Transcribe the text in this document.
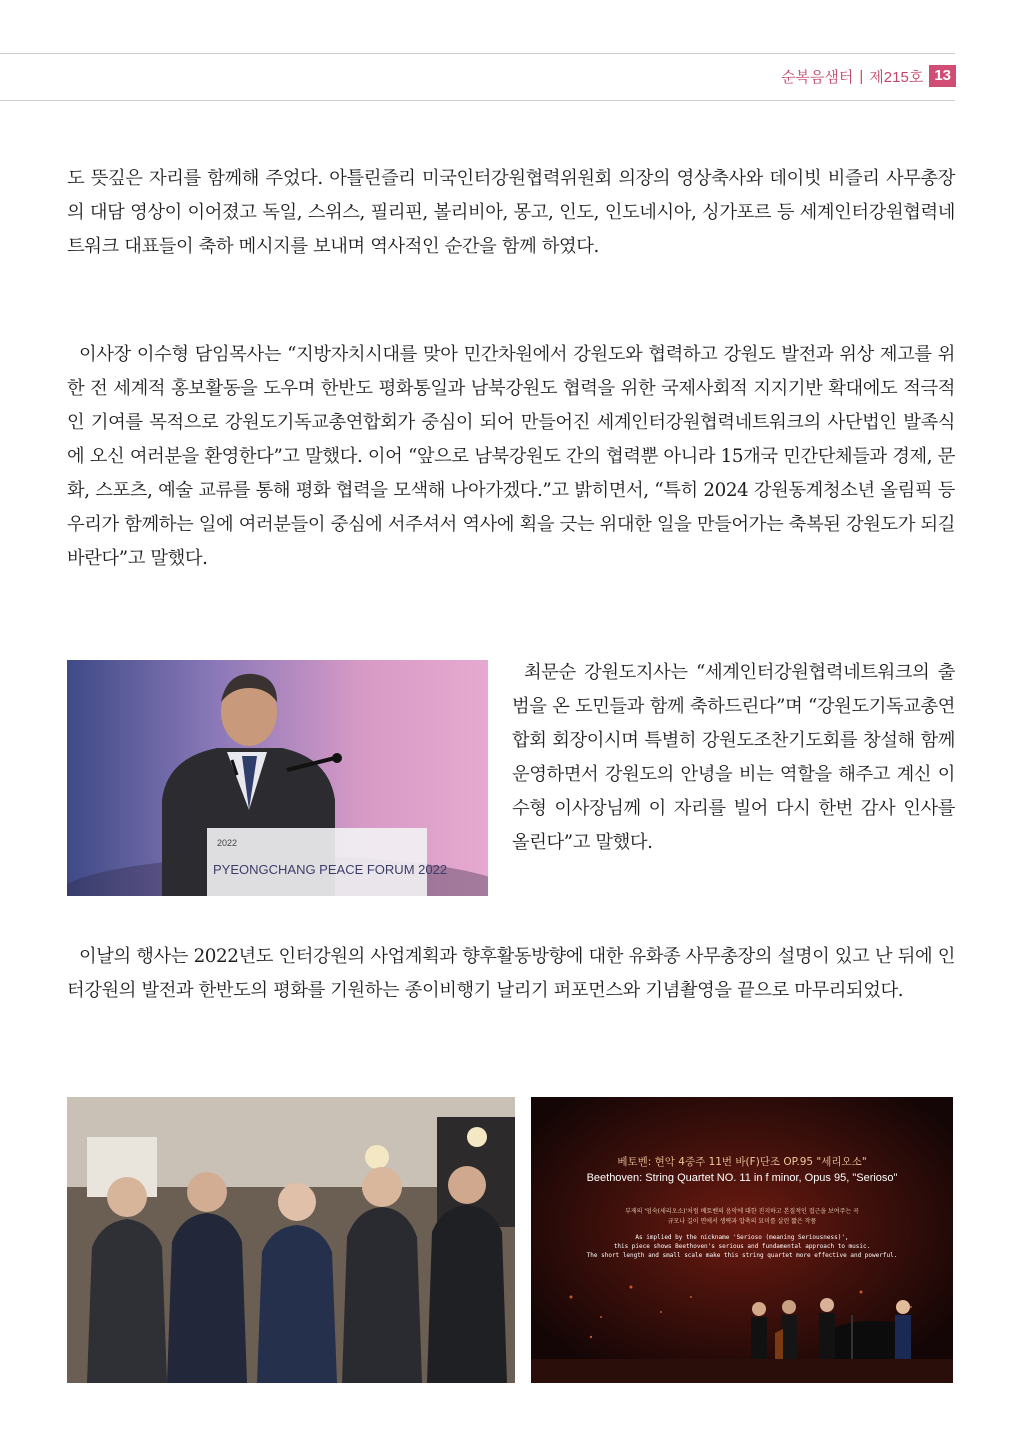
순복음샘터 | 제215호 13

도 뜻깊은 자리를 함께해 주었다. 아틀린즐리 미국인터강원협력위원회 의장의 영상축사와 데이빗 비즐리 사무총장의 대담 영상이 이어졌고 독일, 스위스, 필리핀, 볼리비아, 몽고, 인도, 인도네시아, 싱가포르 등 세계인터강원협력네트워크 대표들이 축하 메시지를 보내며 역사적인 순간을 함께 하였다.

이사장 이수형 담임목사는 “지방자치시대를 맞아 민간차원에서 강원도와 협력하고 강원도 발전과 위상 제고를 위한 전 세계적 홍보활동을 도우며 한반도 평화통일과 남북강원도 협력을 위한 국제사회적 지지기반 확대에도 적극적인 기여를 목적으로 강원도기독교총연합회가 중심이 되어 만들어진 세계인터강원협력네트워크의 사단법인 발족식에 오신 여러분을 환영한다”고 말했다. 이어 “앞으로 남북강원도 간의 협력뿐 아니라 15개국 민간단체들과 경제, 문화, 스포츠, 예술 교류를 통해 평화 협력을 모색해 나아가겠다.”고 밝히면서, “특히 2024 강원동계청소년 올림픽 등 우리가 함께하는 일에 여러분들이 중심에 서주셔서 역사에 획을 긋는 위대한 일을 만들어가는 축복된 강원도가 되길 바란다”고 말했다.

2022
PYEONGCHANG PEACE FORUM 2022

최문순 강원도지사는 “세계인터강원협력네트워크의 출범을 온 도민들과 함께 축하드린다”며 “강원도기독교총연합회 회장이시며 특별히 강원도조찬기도회를 창설해 함께 운영하면서 강원도의 안녕을 비는 역할을 해주고 계신 이수형 이사장님께 이 자리를 빌어 다시 한번 감사 인사를 올린다”고 말했다.

이날의 행사는 2022년도 인터강원의 사업계획과 향후활동방향에 대한 유화종 사무총장의 설명이 있고 난 뒤에 인터강원의 발전과 한반도의 평화를 기원하는 종이비행기 날리기 퍼포먼스와 기념촬영을 끝으로 마무리되었다.

베토벤: 현악 4중주 11번 바(F)단조 OP.95 "세리오소"
Beethoven: String Quartet NO. 11 in f minor, Opus 95, "Serioso"
부제의 '엄숙(세리오소)'처럼 베토벤의 음악에 대한 진지하고 본질적인 접근을 보여주는 곡
규모나 길이 면에서 생략과 압축의 묘미를 살린 짧은 작품
As implied by the nickname 'Serioso (meaning Seriousness)',
this piece shows Beethoven's serious and fundamental approach to music.
The short length and small scale make this string quartet more effective and powerful.
